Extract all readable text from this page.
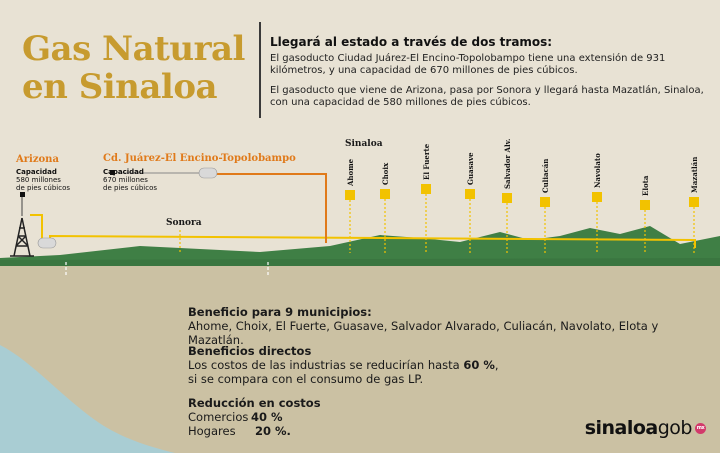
Gas Natural
en Sinaloa
Llegará al estado a través de dos tramos:

El gasoducto Ciudad Juárez-El Encino-Topolobampo tiene una extensión de 931 kilómetros, y una capacidad de 670 millones de pies cúbicos.

El gasoducto que viene de Arizona, pasa por Sonora y llegará hasta Mazatlán, Sinaloa, con una capacidad de 580 millones de pies cúbicos.

Arizona
Capacidad
580 millones
de pies cúbicos
Cd. Juárez-El Encino-Topolobampo
Capacidad
670 millones
de pies cúbicos
Sonora
Sinaloa
Ahome	Choix	El Fuerte	Guasave	Salvador Alv.	Culiacán	Navolato	Elota	Mazatlán
Beneficio para 9 municipios:
Ahome, Choix, El Fuerte, Guasave, Salvador Alvarado, Culiacán, Navolato, Elota y Mazatlán.
Beneficios directos
Los costos de las industrias se reducirían hasta 60 %,
si se compara con el consumo de gas LP.
Reducción en costos
Comercios 40 %
Hogares	20 %.	sinaloa gob mx
